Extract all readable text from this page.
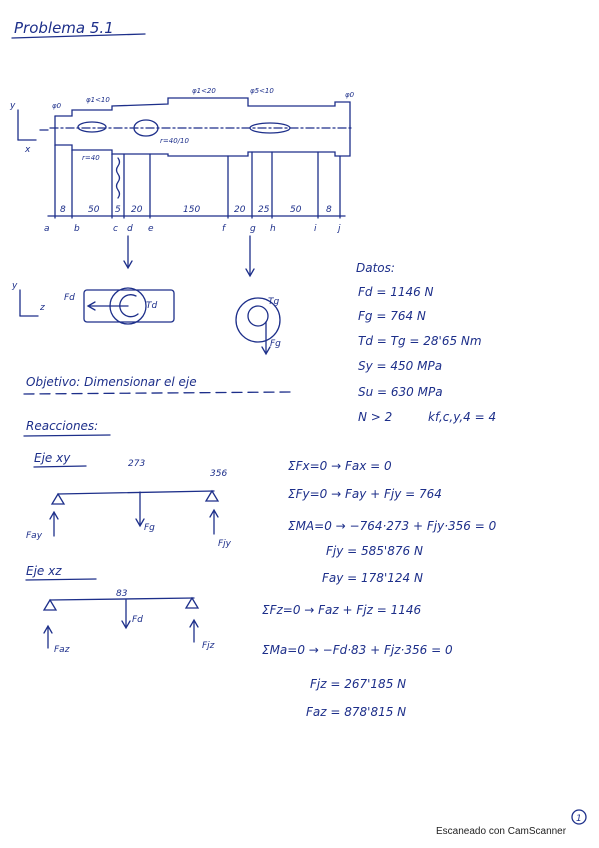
Problema 5.1
y
x
φ0
φ1<10
φ1<20	φ5<10	φ0
r=40
r=40/10
8 50 5 20	150	20 25 50	8
a	b	c d e	f	g h	i j
y
z
Fd
Td	Tg
Fg
Datos:
Fd = 1146 N
Fg = 764 N
Td = Tg = 28'65 Nm
Sy = 450 MPa
Su = 630 MPa
N > 2	kf,c,y,4 = 4
Objetivo: Dimensionar el eje
Reacciones:
Eje xy	273
356
Fg
Fay
Fjy
Eje xz
83
Fd
Faz	Fjz
ΣFx=0 → Fax = 0
ΣFy=0 → Fay + Fjy = 764
ΣMA=0 → −764·273 + Fjy·356 = 0
Fjy = 585'876 N
Fay = 178'124 N
ΣFz=0 → Faz + Fjz = 1146
ΣMa=0 → −Fd·83 + Fjz·356 = 0
Fjz = 267'185 N
Faz = 878'815 N
1
Escaneado con CamScanner
